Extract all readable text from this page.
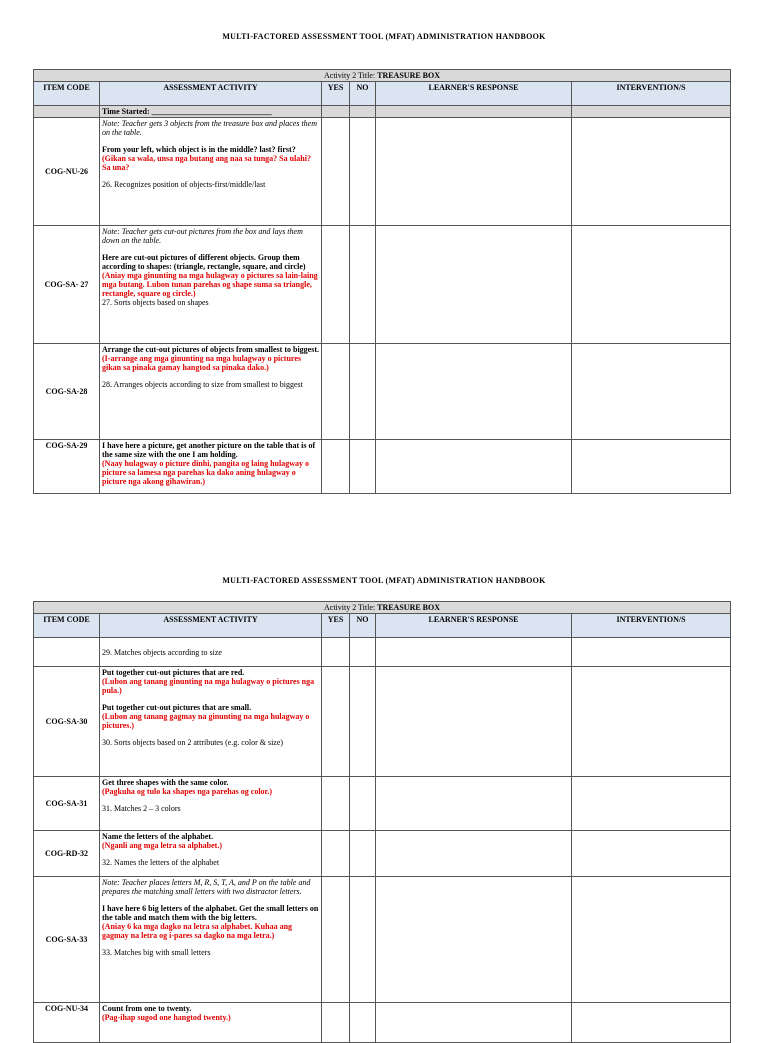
MULTI-FACTORED ASSESSMENT TOOL (MFAT) ADMINISTRATION HANDBOOK
Activity 2 Title: TREASURE BOX					
ITEM CODE	ASSESSMENT ACTIVITY	YES	NO	LEARNER'S RESPONSE	INTERVENTION/S
	Time Started: ______________________________				
COG-NU-26	Note: Teacher gets 3 objects from the treasure box and places them on the table.

From your left, which object is in the middle? last? first?
(Gikan sa wala, unsa nga butang ang naa sa tunga? Sa ulahi? Sa una?

26. Recognizes position of objects-first/middle/last				

COG-SA- 27	Note: Teacher gets cut-out pictures from the box and lays them down on the table.

Here are cut-out pictures of different objects. Group them according to shapes: (triangle, rectangle, square, and circle)
(Aniay mga ginunting na mga hulagway o pictures sa lain-laing mga butang. Lubon tunan parehas og shape suma sa triangle, rectangle, square og circle.)
27. Sorts objects based on shapes				

COG-SA-28	Arrange the cut-out pictures of objects from smallest to biggest.
(I-arrange ang mga ginunting na mga hulagway o pictures gikan sa pinaka gamay hangtod sa pinaka dako.)

28. Arranges objects according to size from smallest to biggest				

COG-SA-29	I have here a picture, get another picture on the table that is of the same size with the one I am holding.
(Naay hulagway o picture dinhi, pangita og laing hulagway o picture sa lamesa nga parehas ka dako aning hulagway o picture nga akong gihawiran.)				

MULTI-FACTORED ASSESSMENT TOOL (MFAT) ADMINISTRATION HANDBOOK
Activity 2 Title: TREASURE BOX					
ITEM CODE	ASSESSMENT ACTIVITY	YES	NO	LEARNER'S RESPONSE	INTERVENTION/S

	29. Matches objects according to size				

COG-SA-30	Put together cut-out pictures that are red.
(Lubon ang tanang ginunting na mga hulagway o pictures nga pula.)

Put together cut-out pictures that are small.
(Lubon ang tanang gagmay na ginunting na mga hulagway o pictures.)

30. Sorts objects based on 2 attributes (e.g. color & size)				

COG-SA-31	Get three shapes with the same color.
(Pagkuha og tulo ka shapes nga parehas og color.)

31. Matches 2 – 3 colors				

COG-RD-32	Name the letters of the alphabet.
(Nganli ang mga letra sa alphabet.)

32. Names the letters of the alphabet				

COG-SA-33	Note: Teacher places letters M, R, S, T, A, and P on the table and prepares the matching small letters with two distractor letters.

I have here 6 big letters of the alphabet. Get the small letters on the table and match them with the big letters.
(Aniay 6 ka mga dagko na letra sa alphabet. Kuhaa ang gagmay na letra og i-pares sa dagko na mga letra.)

33. Matches big with small letters				

COG-NU-34	Count from one to twenty.
(Pag-ihap sugod one hangtod twenty.)				
